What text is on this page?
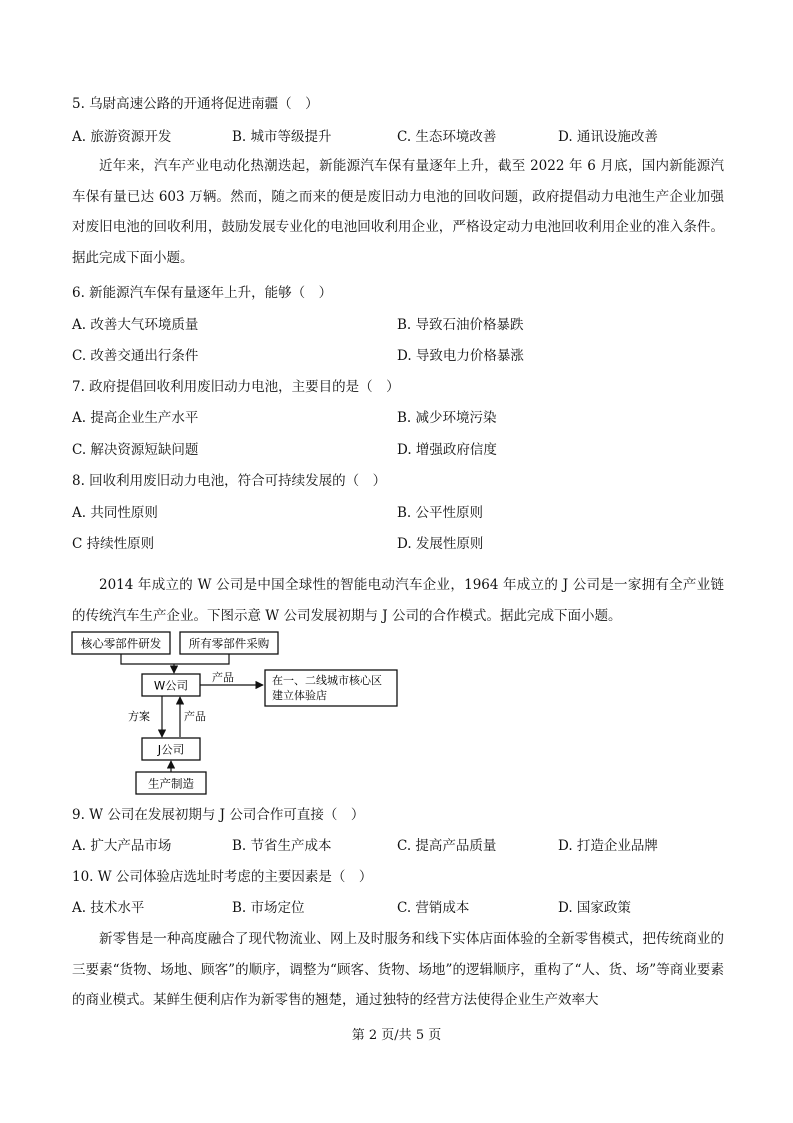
5. 乌尉高速公路的开通将促进南疆（　）
A. 旅游资源开发	B. 城市等级提升	C. 生态环境改善	D. 通讯设施改善
近年来，汽车产业电动化热潮迭起，新能源汽车保有量逐年上升，截至 2022 年 6 月底，国内新能源汽车保有量已达 603 万辆。然而，随之而来的便是废旧动力电池的回收问题，政府提倡动力电池生产企业加强对废旧电池的回收利用，鼓励发展专业化的电池回收利用企业，严格设定动力电池回收利用企业的准入条件。据此完成下面小题。
6. 新能源汽车保有量逐年上升，能够（　）
A. 改善大气环境质量	B. 导致石油价格暴跌
C. 改善交通出行条件	D. 导致电力价格暴涨
7. 政府提倡回收利用废旧动力电池，主要目的是（　）
A. 提高企业生产水平	B. 减少环境污染
C. 解决资源短缺问题	D. 增强政府信度
8. 回收利用废旧动力电池，符合可持续发展的（　）
A. 共同性原则	B. 公平性原则
C 持续性原则	D. 发展性原则
2014 年成立的 W 公司是中国全球性的智能电动汽车企业，1964 年成立的 J 公司是一家拥有全产业链的传统汽车生产企业。下图示意 W 公司发展初期与 J 公司的合作模式。据此完成下面小题。
核心零部件研发 所有零部件采购
W公司
产品	在一、二线城市核心区
建立体验店
方案	产品
J公司
生产制造
9. W 公司在发展初期与 J 公司合作可直接（　）
A. 扩大产品市场	B. 节省生产成本	C. 提高产品质量	D. 打造企业品牌
10. W 公司体验店选址时考虑的主要因素是（　）
A. 技术水平	B. 市场定位	C. 营销成本	D. 国家政策
新零售是一种高度融合了现代物流业、网上及时服务和线下实体店面体验的全新零售模式，把传统商业的三要素“货物、场地、顾客”的顺序，调整为“顾客、货物、场地”的逻辑顺序，重构了“人、货、场”等商业要素的商业模式。某鲜生便利店作为新零售的翘楚，通过独特的经营方法使得企业生产效率大
第 2 页/共 5 页
